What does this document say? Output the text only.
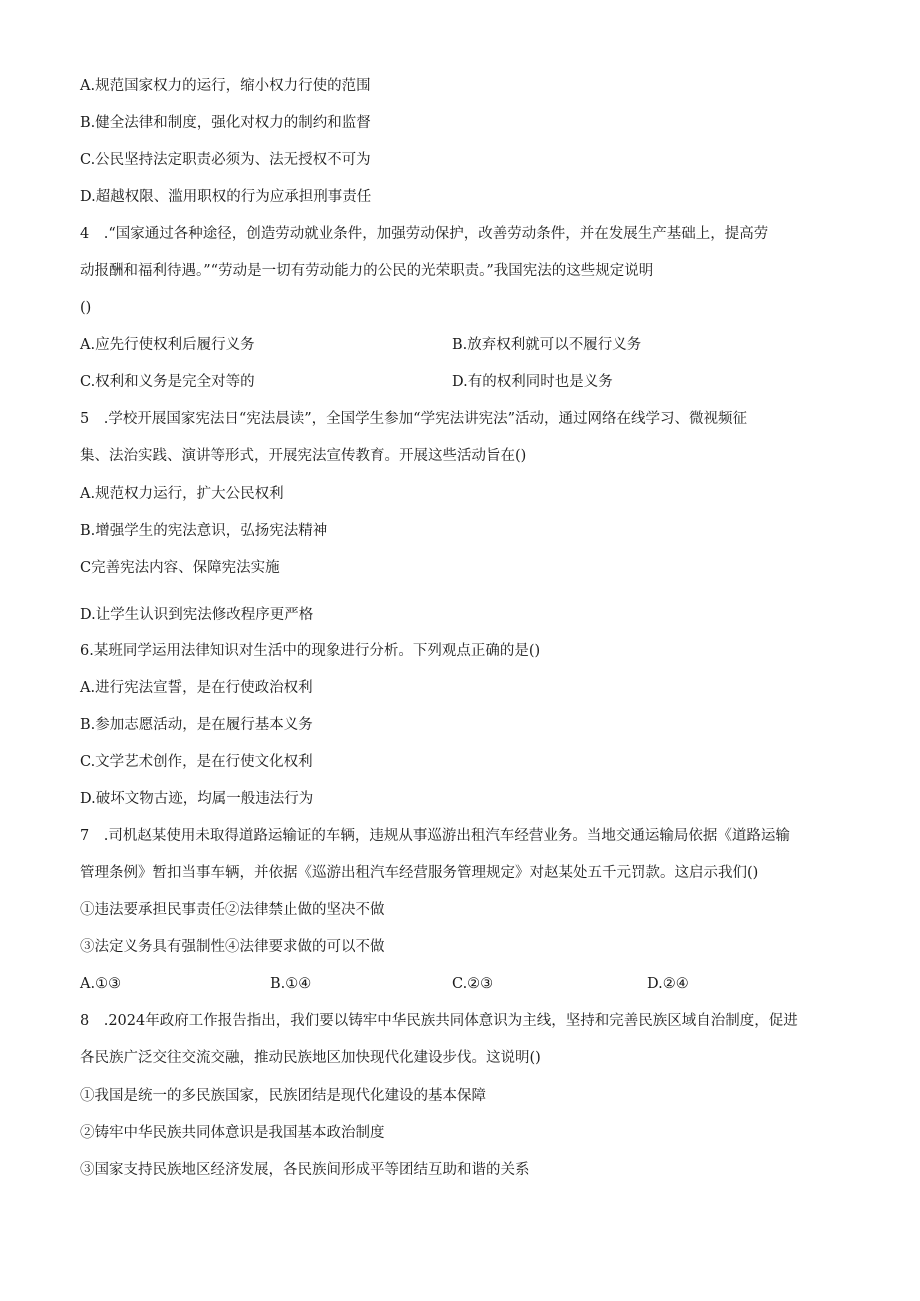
A.规范国家权力的运行，缩小权力行使的范围
B.健全法律和制度，强化对权力的制约和监督
C.公民坚持法定职责必须为、法无授权不可为
D.超越权限、滥用职权的行为应承担刑事责任
4　.“国家通过各种途径，创造劳动就业条件，加强劳动保护，改善劳动条件，并在发展生产基础上，提高劳
动报酬和福利待遇。”“劳动是一切有劳动能力的公民的光荣职责。”我国宪法的这些规定说明
()
A.应先行使权利后履行义务	B.放弃权利就可以不履行义务
C.权利和义务是完全对等的	D.有的权利同时也是义务
5　.学校开展国家宪法日“宪法晨读”，全国学生参加“学宪法讲宪法”活动，通过网络在线学习、微视频征
集、法治实践、演讲等形式，开展宪法宣传教育。开展这些活动旨在()
A.规范权力运行，扩大公民权利
B.增强学生的宪法意识，弘扬宪法精神
C完善宪法内容、保障宪法实施
D.让学生认识到宪法修改程序更严格
6.某班同学运用法律知识对生活中的现象进行分析。下列观点正确的是()
A.进行宪法宣誓，是在行使政治权利
B.参加志愿活动，是在履行基本义务
C.文学艺术创作，是在行使文化权利
D.破坏文物古迹，均属一般违法行为
7　.司机赵某使用未取得道路运输证的车辆，违规从事巡游出租汽车经营业务。当地交通运输局依据《道路运输
管理条例》暂扣当事车辆，并依据《巡游出租汽车经营服务管理规定》对赵某处五千元罚款。这启示我们()
①违法要承担民事责任②法律禁止做的坚决不做
③法定义务具有强制性④法律要求做的可以不做
A.①③	B.①④	C.②③	D.②④
8　.2024年政府工作报告指出，我们要以铸牢中华民族共同体意识为主线，坚持和完善民族区域自治制度，促进
各民族广泛交往交流交融，推动民族地区加快现代化建设步伐。这说明()
①我国是统一的多民族国家，民族团结是现代化建设的基本保障
②铸牢中华民族共同体意识是我国基本政治制度
③国家支持民族地区经济发展，各民族间形成平等团结互助和谐的关系
